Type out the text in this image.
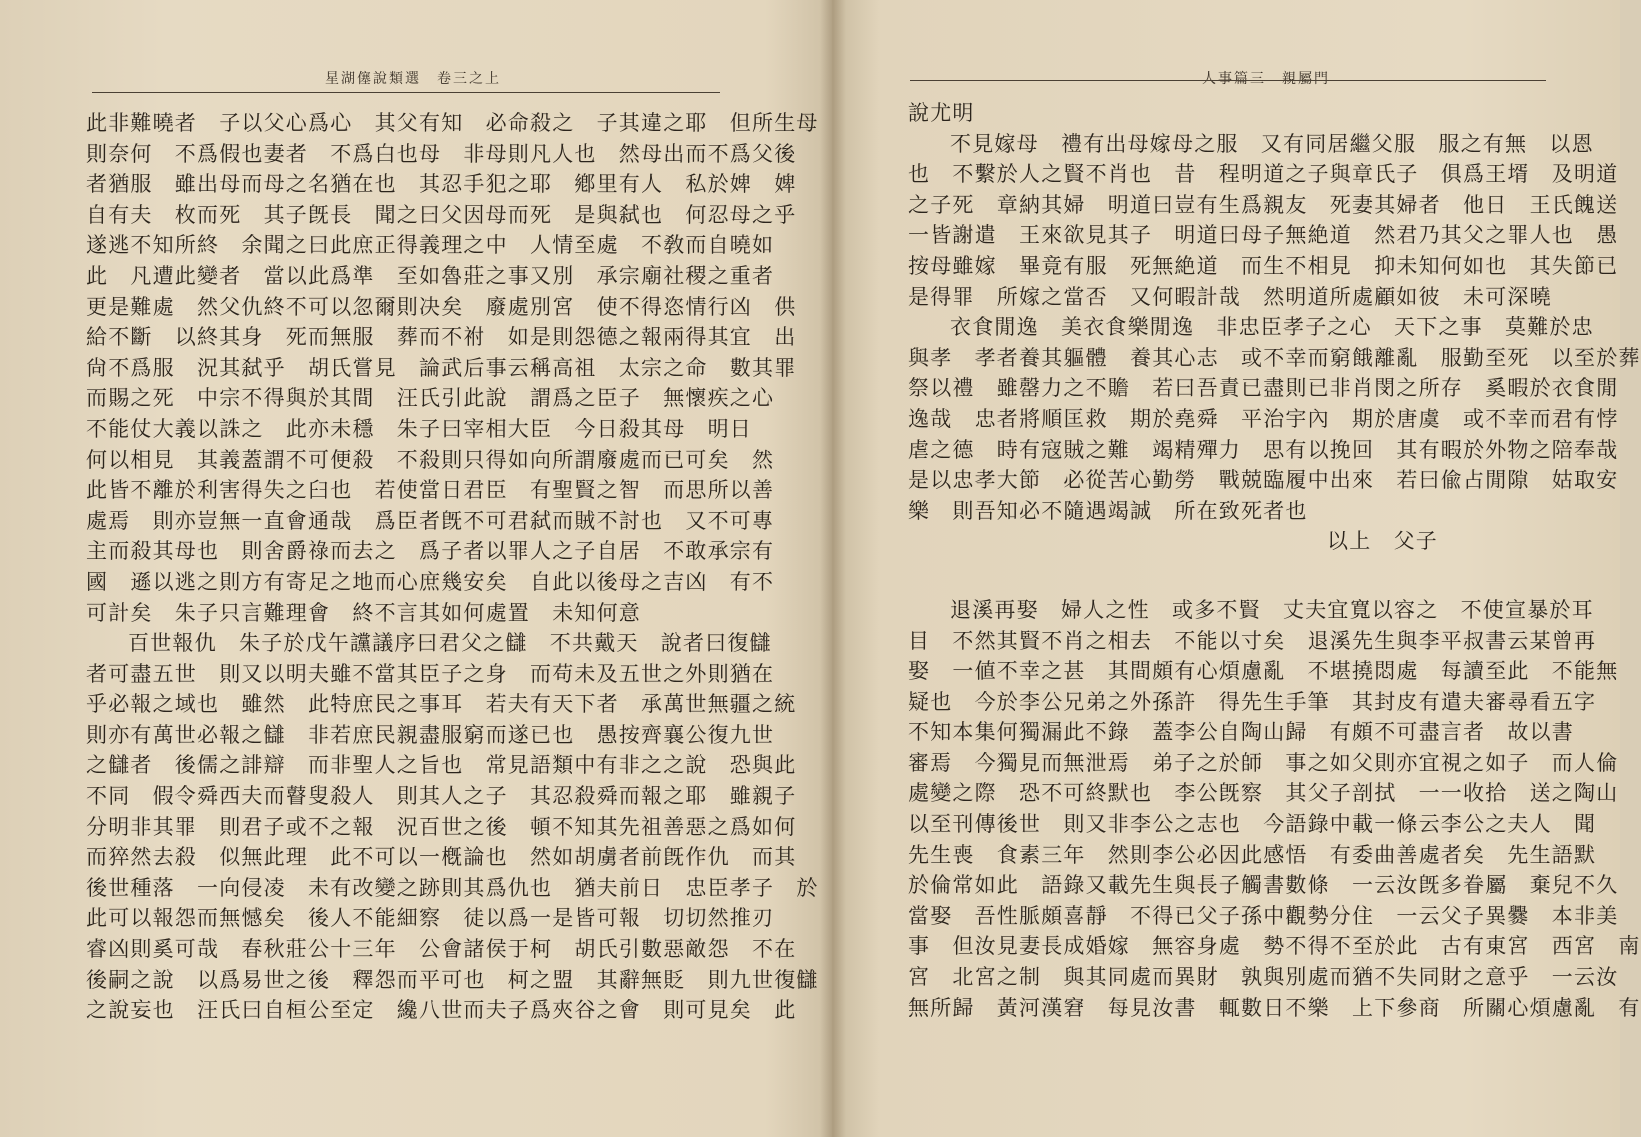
星湖僿說類選　卷三之上
此非難曉者　子以父心爲心　其父有知　必命殺之　子其違之耶　但所生母
則奈何　不爲假也妻者　不爲白也母　非母則凡人也　然母出而不爲父後
者猶服　雖出母而母之名猶在也　其忍手犯之耶　鄕里有人　私於婢　婢
自有夫　枚而死　其子旣長　聞之曰父因母而死　是與弑也　何忍母之乎
遂逃不知所終　余聞之曰此庶正得義理之中　人情至處　不敎而自曉如
此　凡遭此變者　當以此爲準　至如魯莊之事又別　承宗廟社稷之重者
更是難處　然父仇終不可以忽爾則决矣　廢處別宮　使不得恣情行凶　供
給不斷　以終其身　死而無服　葬而不祔　如是則怨德之報兩得其宜　出
尙不爲服　況其弑乎　胡氏嘗見　論武后事云稱高祖　太宗之命　數其罪
而賜之死　中宗不得與於其間　汪氏引此說　謂爲之臣子　無懷疾之心
不能仗大義以誅之　此亦未穩　朱子曰宰相大臣　今日殺其母　明日
何以相見　其義蓋謂不可便殺　不殺則只得如向所謂廢處而已可矣　然
此皆不離於利害得失之臼也　若使當日君臣　有聖賢之智　而思所以善
處焉　則亦豈無一直會通哉　爲臣者旣不可君弑而賊不討也　又不可專
主而殺其母也　則舍爵祿而去之　爲子者以罪人之子自居　不敢承宗有
國　遜以逃之則方有寄足之地而心庶幾安矣　自此以後母之吉凶　有不
可計矣　朱子只言難理會　終不言其如何處置　未知何意
百世報仇　朱子於戊午讜議序曰君父之讎　不共戴天　說者曰復讎
者可盡五世　則又以明夫雖不當其臣子之身　而苟未及五世之外則猶在
乎必報之域也　雖然　此特庶民之事耳　若夫有天下者　承萬世無疆之統
則亦有萬世必報之讎　非若庶民親盡服窮而遂已也　愚按齊襄公復九世
之讎者　後儒之誹辯　而非聖人之旨也　常見語類中有非之之說　恐與此
不同　假令舜西夫而瞽叟殺人　則其人之子　其忍殺舜而報之耶　雖親子
分明非其罪　則君子或不之報　況百世之後　頓不知其先祖善惡之爲如何
而猝然去殺　似無此理　此不可以一槪論也　然如胡虜者前旣作仇　而其
後世種落　一向侵凌　未有改變之跡則其爲仇也　猶夫前日　忠臣孝子　於
此可以報怨而無憾矣　後人不能細察　徒以爲一是皆可報　切切然推刃
睿凶則奚可哉　春秋莊公十三年　公會諸侯于柯　胡氏引數惡敵怨　不在
後嗣之說　以爲易世之後　釋怨而平可也　柯之盟　其辭無貶　則九世復讎
之說妄也　汪氏曰自桓公至定　纔八世而夫子爲夾谷之會　則可見矣　此
人事篇三　親屬門
說尤明
不見嫁母　禮有出母嫁母之服　又有同居繼父服　服之有無　以恩
也　不繫於人之賢不肖也　昔　程明道之子與章氏子　俱爲王壻　及明道
之子死　章納其婦　明道曰豈有生爲親友　死妻其婦者　他日　王氏餽送
一皆謝遣　王來欲見其子　明道曰母子無絶道　然君乃其父之罪人也　愚
按母雖嫁　畢竟有服　死無絶道　而生不相見　抑未知何如也　其失節已
是得罪　所嫁之當否　又何暇計哉　然明道所處顧如彼　未可深曉
衣食閒逸　美衣食樂閒逸　非忠臣孝子之心　天下之事　莫難於忠
與孝　孝者養其軀體　養其心志　或不幸而窮餓離亂　服勤至死　以至於葬
祭以禮　雖罄力之不贍　若曰吾責已盡則已非肖閔之所存　奚暇於衣食閒
逸哉　忠者將順匡救　期於堯舜　平治宇內　期於唐虞　或不幸而君有悖
虐之德　時有寇賊之難　竭精殫力　思有以挽回　其有暇於外物之陪奉哉
是以忠孝大節　必從苦心勤勞　戰兢臨履中出來　若曰偸占閒隙　姑取安
樂　則吾知必不隨遇竭誠　所在致死者也
以上　父子
退溪再娶　婦人之性　或多不賢　丈夫宜寬以容之　不使宣暴於耳
目　不然其賢不肖之相去　不能以寸矣　退溪先生與李平叔書云某曾再
娶　一値不幸之甚　其間頗有心煩慮亂　不堪撓悶處　每讀至此　不能無
疑也　今於李公兄弟之外孫許　得先生手筆　其封皮有遣夫審尋看五字
不知本集何獨漏此不錄　蓋李公自陶山歸　有頗不可盡言者　故以書
審焉　今獨見而無泄焉　弟子之於師　事之如父則亦宜視之如子　而人倫
處變之際　恐不可終默也　李公旣察　其父子剖拭　一一收拾　送之陶山
以至刊傳後世　則又非李公之志也　今語錄中載一條云李公之夫人　聞
先生喪　食素三年　然則李公必因此感悟　有委曲善處者矣　先生語默
於倫常如此　語錄又載先生與長子觸書數條　一云汝旣多眷屬　棄兒不久
當娶　吾性脈頗喜靜　不得已父子孫中觀勢分住　一云父子異爨　本非美
事　但汝見妻長成婚嫁　無容身處　勢不得不至於此　古有東宮　西宮　南
宮　北宮之制　與其同處而異財　孰與別處而猶不失同財之意乎　一云汝
無所歸　黃河漢窘　每見汝書　輒數日不樂　上下參商　所關心煩慮亂　有
